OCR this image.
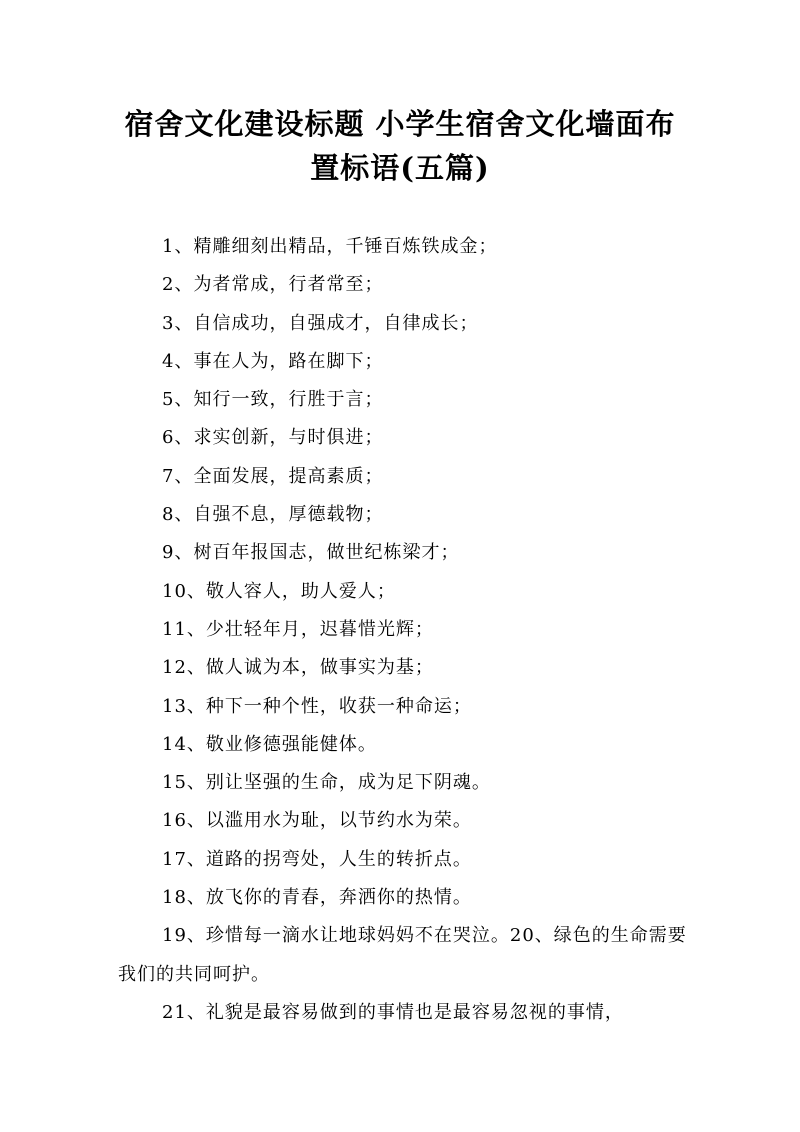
宿舍文化建设标题 小学生宿舍文化墙面布
置标语(五篇)

1、精雕细刻出精品，千锤百炼铁成金；

2、为者常成，行者常至；

3、自信成功，自强成才，自律成长；

4、事在人为，路在脚下；

5、知行一致，行胜于言；

6、求实创新，与时俱进；

7、全面发展，提高素质；

8、自强不息，厚德载物；

9、树百年报国志，做世纪栋梁才；

10、敬人容人，助人爱人；

11、少壮轻年月，迟暮惜光辉；

12、做人诚为本，做事实为基；

13、种下一种个性，收获一种命运；

14、敬业修德强能健体。

15、别让坚强的生命，成为足下阴魂。

16、以滥用水为耻，以节约水为荣。

17、道路的拐弯处，人生的转折点。

18、放飞你的青春，奔洒你的热情。

19、珍惜每一滴水让地球妈妈不在哭泣。20、绿色的生命需要我们的共同呵护。

21、礼貌是最容易做到的事情也是最容易忽视的事情，
